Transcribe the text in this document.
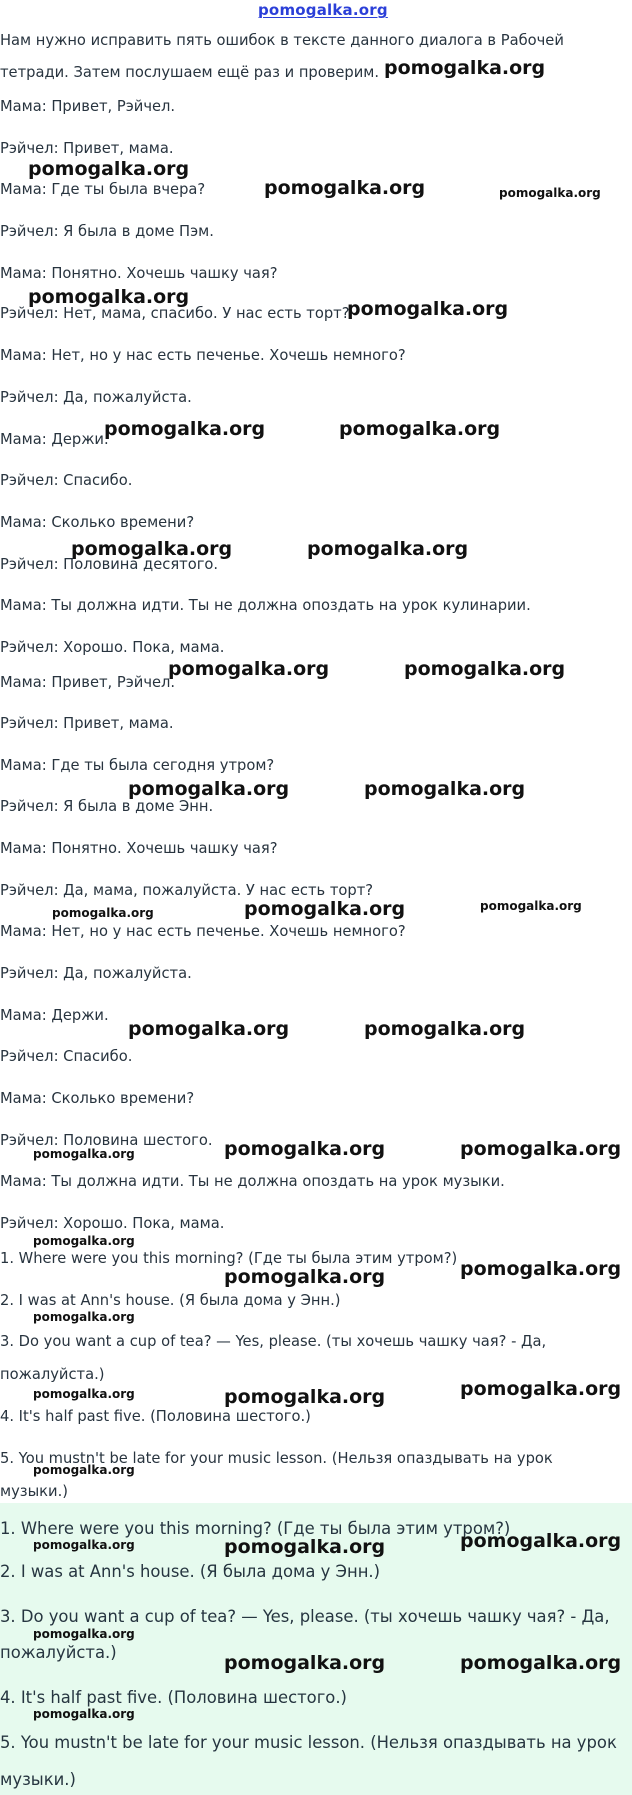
pomogalka.org
Нам нужно исправить пять ошибок в тексте данного диалога в Рабочей
тетради. Затем послушаем ещё раз и проверим.
Мама: Привет, Рэйчел.
Рэйчел: Привет, мама.
Мама: Где ты была вчера?
Рэйчел: Я была в доме Пэм.
Мама: Понятно. Хочешь чашку чая?
Рэйчел: Нет, мама, спасибо. У нас есть торт?
Мама: Нет, но у нас есть печенье. Хочешь немного?
Рэйчел: Да, пожалуйста.
Мама: Держи.
Рэйчел: Спасибо.
Мама: Сколько времени?
Рэйчел: Половина десятого.
Мама: Ты должна идти. Ты не должна опоздать на урок кулинарии.
Рэйчел: Хорошо. Пока, мама.
Мама: Привет, Рэйчел.
Рэйчел: Привет, мама.
Мама: Где ты была сегодня утром?
Рэйчел: Я была в доме Энн.
Мама: Понятно. Хочешь чашку чая?
Рэйчел: Да, мама, пожалуйста. У нас есть торт?
Мама: Нет, но у нас есть печенье. Хочешь немного?
Рэйчел: Да, пожалуйста.
Мама: Держи.
Рэйчел: Спасибо.
Мама: Сколько времени?
Рэйчел: Половина шестого.
Мама: Ты должна идти. Ты не должна опоздать на урок музыки.
Рэйчел: Хорошо. Пока, мама.
1. Where were you this morning? (Где ты была этим утром?)
2. I was at Ann's house. (Я была дома у Энн.)
3. Do you want a cup of tea? — Yes, please. (ты хочешь чашку чая? - Да,
пожалуйста.)
4. It's half past five. (Половина шестого.)
5. You mustn't be late for your music lesson. (Нельзя опаздывать на урок
музыки.)
1. Where were you this morning? (Где ты была этим утром?)
2. I was at Ann's house. (Я была дома у Энн.)
3. Do you want a cup of tea? — Yes, please. (ты хочешь чашку чая? - Да,
пожалуйста.)
4. It's half past five. (Половина шестого.)
5. You mustn't be late for your music lesson. (Нельзя опаздывать на урок
музыки.)
pomogalka.org
pomogalka.org
pomogalka.org	pomogalka.org
pomogalka.org
pomogalka.org
pomogalka.org	pomogalka.org
pomogalka.org	pomogalka.org
pomogalka.org	pomogalka.org
pomogalka.org	pomogalka.org
pomogalka.org	pomogalka.org	pomogalka.org
pomogalka.org	pomogalka.org
pomogalka.org	pomogalka.org
pomogalka.org
pomogalka.org
pomogalka.org	pomogalka.org
pomogalka.org
pomogalka.org	pomogalka.org	pomogalka.org
pomogalka.org
pomogalka.org	pomogalka.org	pomogalka.org
pomogalka.org
pomogalka.org	pomogalka.org
pomogalka.org
